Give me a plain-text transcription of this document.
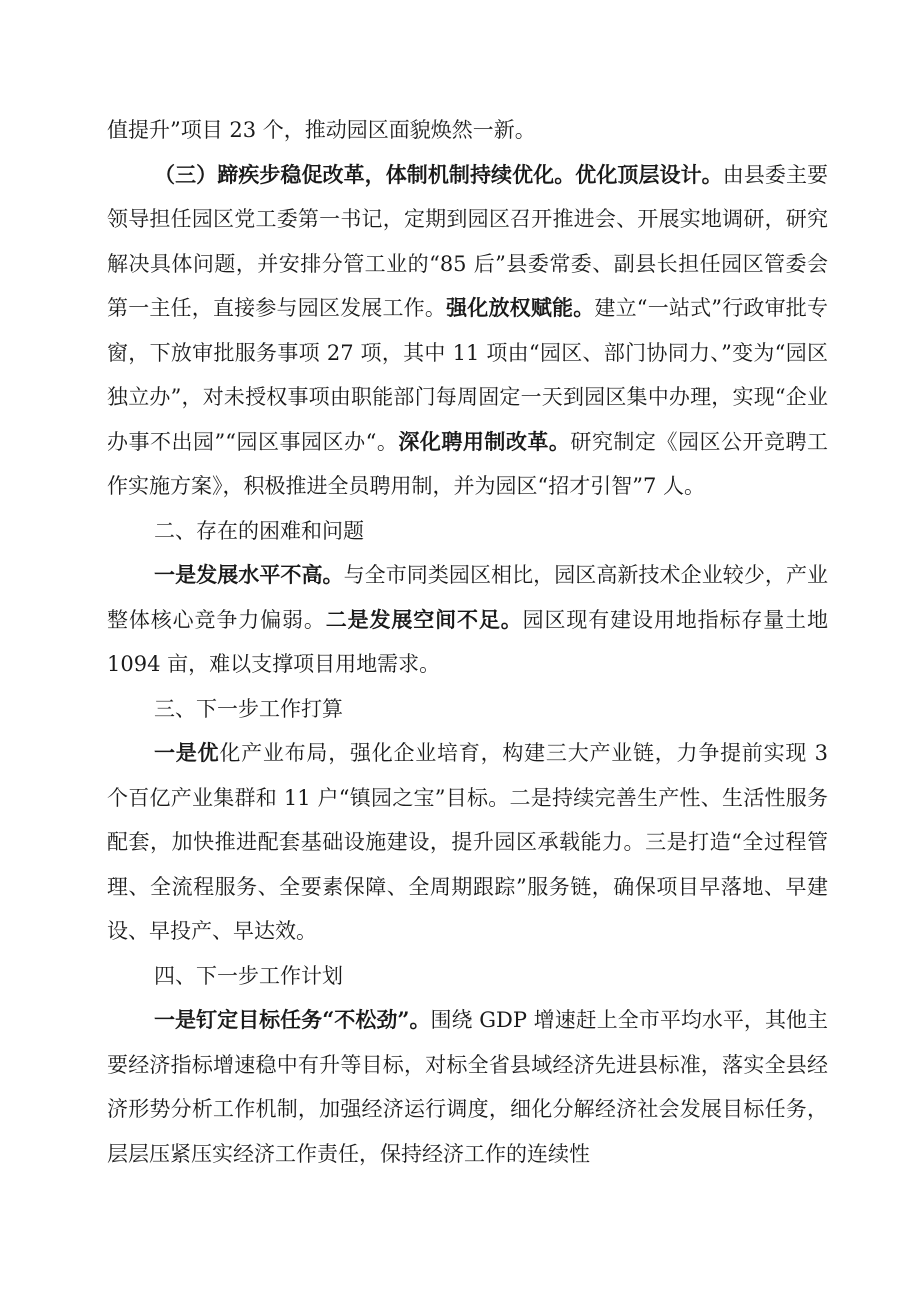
值提升”项目 23 个，推动园区面貌焕然一新。

（三）蹄疾步稳促改革，体制机制持续优化。优化顶层设计。由县委主要领导担任园区党工委第一书记，定期到园区召开推进会、开展实地调研，研究解决具体问题，并安排分管工业的“85 后”县委常委、副县长担任园区管委会第一主任，直接参与园区发展工作。强化放权赋能。建立“一站式”行政审批专窗，下放审批服务事项 27 项，其中 11 项由“园区、部门协同力、”变为“园区独立办”，对未授权事项由职能部门每周固定一天到园区集中办理，实现“企业办事不出园”“园区事园区办“。深化聘用制改革。研究制定《园区公开竞聘工作实施方案》，积极推进全员聘用制，并为园区“招才引智”7 人。

二、存在的困难和问题

一是发展水平不高。与全市同类园区相比，园区高新技术企业较少，产业整体核心竞争力偏弱。二是发展空间不足。园区现有建设用地指标存量土地 1094 亩，难以支撑项目用地需求。

三、下一步工作打算

一是优化产业布局，强化企业培育，构建三大产业链，力争提前实现 3 个百亿产业集群和 11 户“镇园之宝”目标。二是持续完善生产性、生活性服务配套，加快推进配套基础设施建设，提升园区承载能力。三是打造“全过程管理、全流程服务、全要素保障、全周期跟踪”服务链，确保项目早落地、早建设、早投产、早达效。

四、下一步工作计划

一是钉定目标任务“不松劲”。围绕 GDP 增速赶上全市平均水平，其他主要经济指标增速稳中有升等目标，对标全省县域经济先进县标准，落实全县经济形势分析工作机制，加强经济运行调度，细化分解经济社会发展目标任务，层层压紧压实经济工作责任，保持经济工作的连续性
